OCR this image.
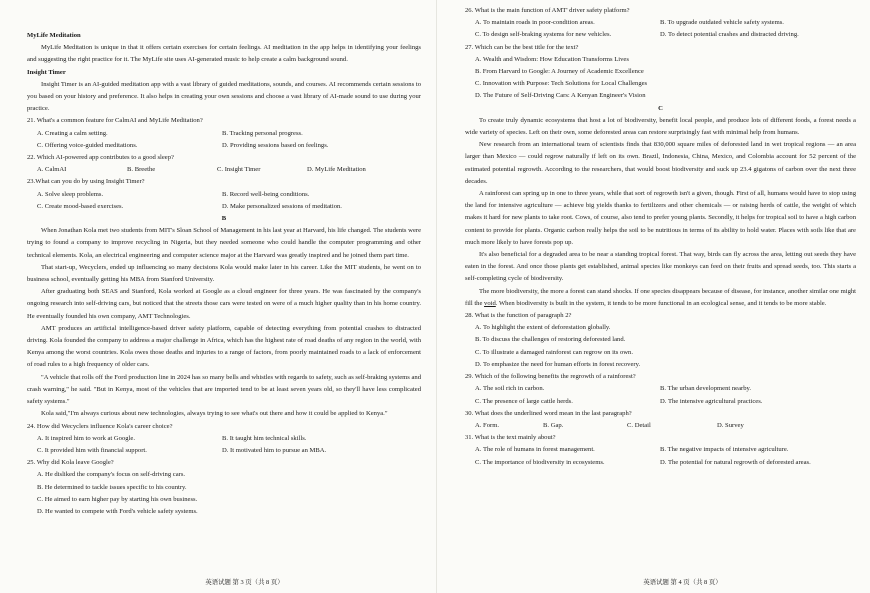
MyLife Meditation

MyLife Meditation is unique in that it offers certain exercises for certain feelings. AI meditation in the app helps in identifying your feelings and suggesting the right practice for it. The MyLife site uses AI-generated music to help create a calm background sound.

Insight Timer

Insight Timer is an AI-guided meditation app with a vast library of guided meditations, sounds, and courses. AI recommends certain sessions to you based on your history and preference. It also helps in creating your own sessions and choose a vast library of AI-made sound to use during your practice.

21. What's a common feature for CalmAI and MyLife Meditation?

A. Creating a calm setting.	B. Tracking personal progress.
C. Offering voice-guided meditations.	D. Providing sessions based on feelings.

22. Which AI-powered app contributes to a good sleep?

A. CalmAI	B. Breethe	C. Insight Timer	D. MyLife Meditation

23.What can you do by using Insight Timer?

A. Solve sleep problems.	B. Record well-being conditions.
C. Create mood-based exercises.	D. Make personalized sessions of meditation.

B

When Jonathan Kola met two students from MIT's Sloan School of Management in his last year at Harvard, his life changed. The students were trying to found a company to improve recycling in Nigeria, but they needed someone who could handle the computer programming and other technical elements. Kola, an electrical engineering and computer science major at the Harvard was greatly inspired and he joined them part time.

That start-up, Wecyclers, ended up influencing so many decisions Kola would make later in his career. Like the MIT students, he went on to business school, eventually getting his MBA from Stanford University.

After graduating both SEAS and Stanford, Kola worked at Google as a cloud engineer for three years. He was fascinated by the company's ongoing research into self-driving cars, but noticed that the streets those cars were tested on were of a much higher quality than in his home country. He eventually founded his own company, AMT Technologies.

AMT produces an artificial intelligence-based driver safety platform, capable of detecting everything from potential crashes to distracted driving. Kola founded the company to address a major challenge in Africa, which has the highest rate of road deaths of any region in the world, with Kenya among the worst countries. Kola owes those deaths and injuries to a range of factors, from poorly maintained roads to a lack of enforcement of road rules to a high frequency of older cars.

"A vehicle that rolls off the Ford production line in 2024 has so many bells and whistles with regards to safety, such as self-braking systems and crash warning," he said. "But in Kenya, most of the vehicles that are imported tend to be at least seven years old, so they'll have less complicated safety systems."

Kola said,"I'm always curious about new technologies, always trying to see what's out there and how it could be applied to Kenya."

24. How did Wecyclers influence Kola's career choice?

A. It inspired him to work at Google.	B. It taught him technical skills.
C. It provided him with financial support.	D. It motivated him to pursue an MBA.

25. Why did Kola leave Google?

A. He disliked the company's focus on self-driving cars.

B. He determined to tackle issues specific to his country.

C. He aimed to earn higher pay by starting his own business.

D. He wanted to compete with Ford's vehicle safety systems.

英语试题 第 3 页（共 8 页）

26. What is the main function of AMT' driver safety platform?

A. To maintain roads in poor-condition areas.	B. To upgrade outdated vehicle safety systems.
C. To design self-braking systems for new vehicles.	D. To detect potential crashes and distracted driving.

27. Which can be the best title for the text?

A. Wealth and Wisdom: How Education Transforms Lives

B. From Harvard to Google: A Journey of Academic Excellence

C. Innovation with Purpose: Tech Solutions for Local Challenges

D. The Future of Self-Driving Cars: A Kenyan Engineer's Vision

C

To create truly dynamic ecosystems that host a lot of biodiversity, benefit local people, and produce lots of different foods, a forest needs a wide variety of species. Left on their own, some deforested areas can restore surprisingly fast with minimal help from humans.

New research from an international team of scientists finds that 830,000 square miles of deforested land in wet tropical regions — an area larger than Mexico — could regrow naturally if left on its own. Brazil, Indonesia, China, Mexico, and Colombia account for 52 percent of the estimated potential regrowth. According to the researchers, that would boost biodiversity and suck up 23.4 gigatons of carbon over the next three decades.

A rainforest can spring up in one to three years, while that sort of regrowth isn't a given, though. First of all, humans would have to stop using the land for intensive agriculture — achieve big yields thanks to fertilizers and other chemicals — or raising herds of cattle, the weight of which makes it hard for new plants to take root. Cows, of course, also tend to prefer young plants. Secondly, it helps for tropical soil to have a high carbon content to provide for plants. Organic carbon really helps the soil to be nutritious in terms of its ability to hold water. Places with soils like that are much more likely to have forests pop up.

It's also beneficial for a degraded area to be near a standing tropical forest. That way, birds can fly across the area, letting out seeds they have eaten in the forest. And once those plants get established, animal species like monkeys can feed on their fruits and spread seeds, too. This starts a self-completing cycle of biodiversity.

The more biodiversity, the more a forest can stand shocks. If one species disappears because of disease, for instance, another similar one might fill the void. When biodiversity is built in the system, it tends to be more functional in an ecological sense, and it tends to be more stable.

28. What is the function of paragraph 2?

A. To highlight the extent of deforestation globally.

B. To discuss the challenges of restoring deforested land.

C. To illustrate a damaged rainforest can regrow on its own.

D. To emphasize the need for human efforts in forest recovery.

29. Which of the following benefits the regrowth of a rainforest?

A. The soil rich in carbon.	B. The urban development nearby.
C. The presence of large cattle herds.	D. The intensive agricultural practices.

30. What does the underlined word mean in the last paragraph?

A. Form.	B. Gap.	C. Detail	D. Survey

31. What is the text mainly about?

A. The role of humans in forest management.	B. The negative impacts of intensive agriculture.
C. The importance of biodiversity in ecosystems.	D. The potential for natural regrowth of deforested areas.
英语试题 第 4 页（共 8 页）
